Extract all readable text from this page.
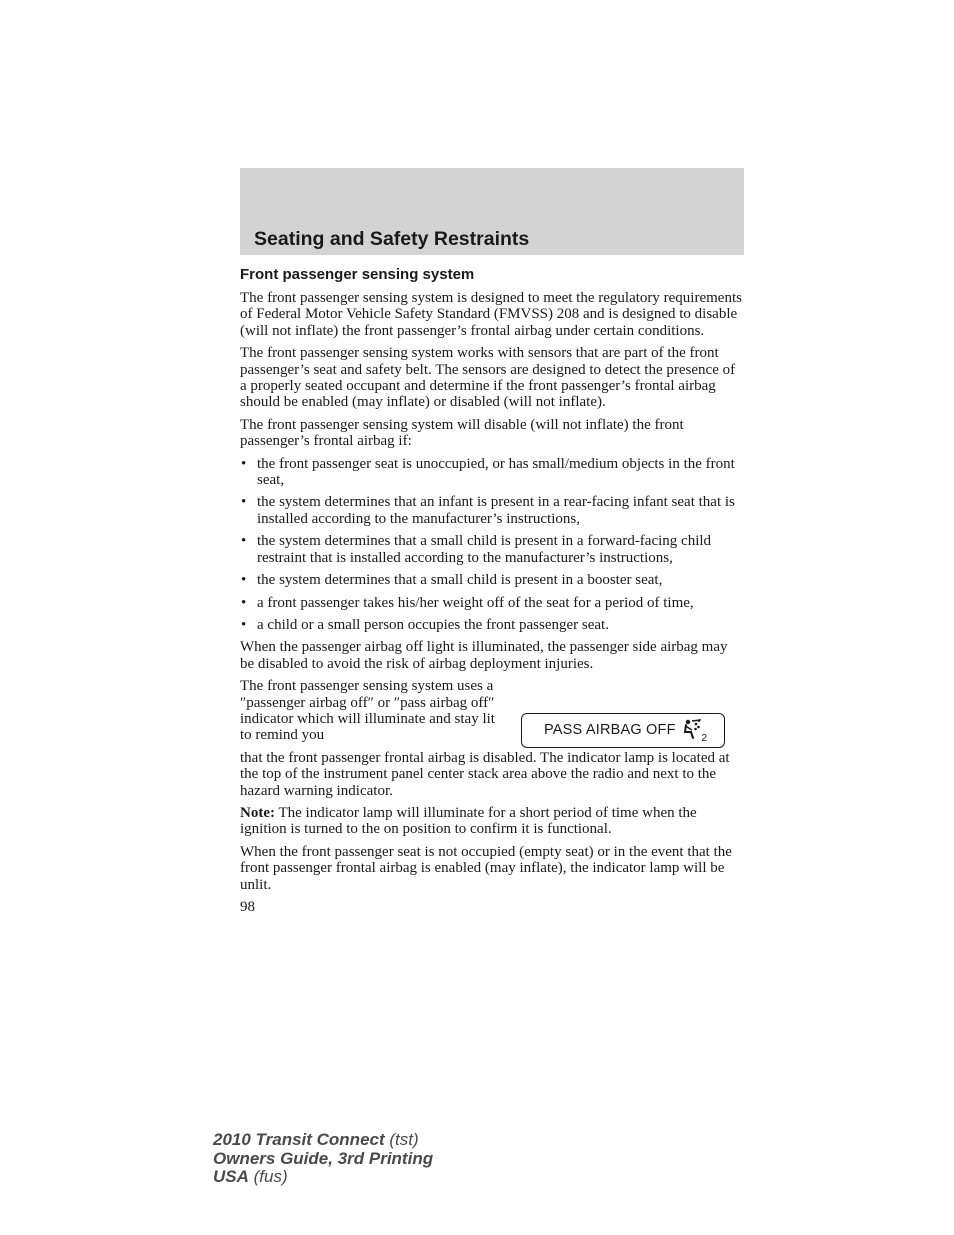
Seating and Safety Restraints
Front passenger sensing system

The front passenger sensing system is designed to meet the regulatory requirements of Federal Motor Vehicle Safety Standard (FMVSS) 208 and is designed to disable (will not inflate) the front passenger’s frontal airbag under certain conditions.

The front passenger sensing system works with sensors that are part of the front passenger’s seat and safety belt. The sensors are designed to detect the presence of a properly seated occupant and determine if the front passenger’s frontal airbag should be enabled (may inflate) or disabled (will not inflate).

The front passenger sensing system will disable (will not inflate) the front passenger’s frontal airbag if:

• the front passenger seat is unoccupied, or has small/medium objects in the front seat,
• the system determines that an infant is present in a rear-facing infant seat that is installed according to the manufacturer’s instructions,
• the system determines that a small child is present in a forward-facing child restraint that is installed according to the manufacturer’s instructions,
• the system determines that a small child is present in a booster seat,
• a front passenger takes his/her weight off of the seat for a period of time,
• a child or a small person occupies the front passenger seat.

When the passenger airbag off light is illuminated, the passenger side airbag may be disabled to avoid the risk of airbag deployment injuries.

The front passenger sensing system uses a ″passenger airbag off″ or ″pass airbag off″ indicator which will illuminate and stay lit to remind you	PASS AIRBAG OFF	2

that the front passenger frontal airbag is disabled. The indicator lamp is located at the top of the instrument panel center stack area above the radio and next to the hazard warning indicator.

Note: The indicator lamp will illuminate for a short period of time when the ignition is turned to the on position to confirm it is functional.

When the front passenger seat is not occupied (empty seat) or in the event that the front passenger frontal airbag is enabled (may inflate), the indicator lamp will be unlit.

98

2010 Transit Connect (tst)
Owners Guide, 3rd Printing
USA (fus)
